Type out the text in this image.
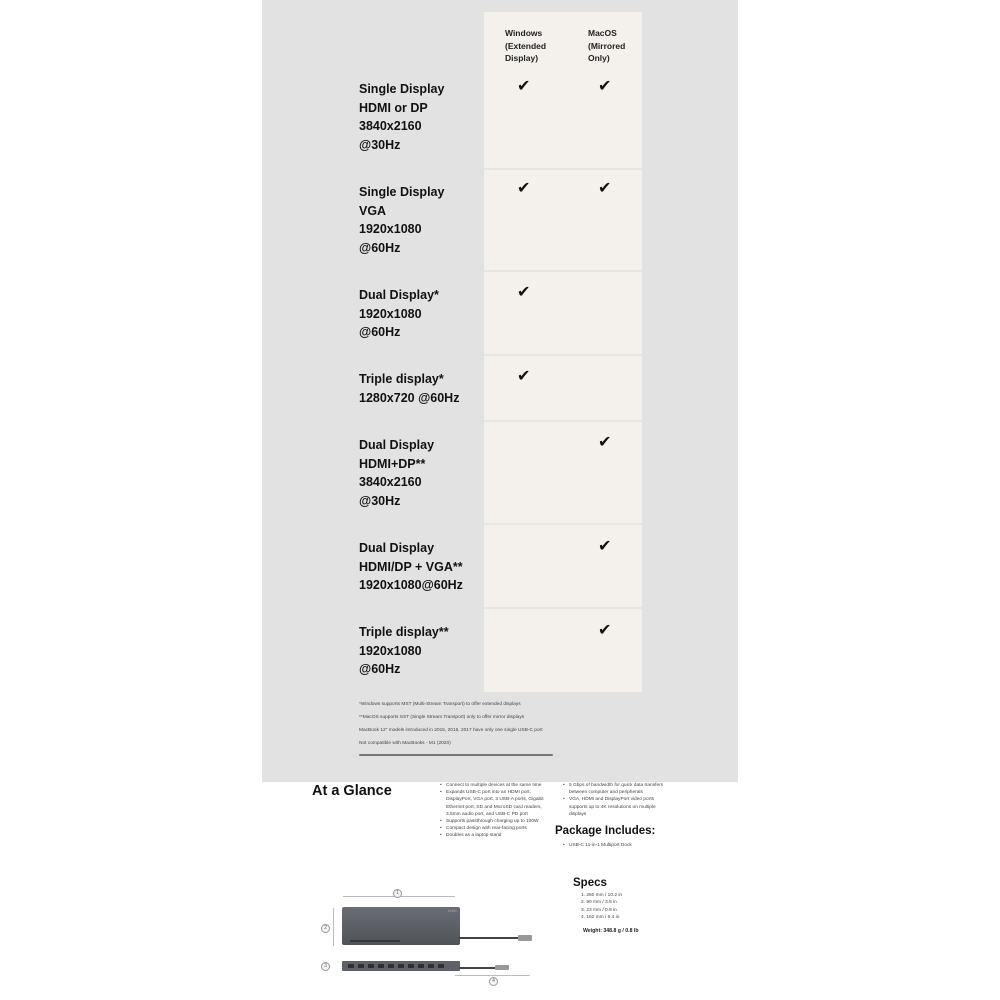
Windows
(Extended
Display)
MacOS
(Mirrored
Only)
Single Display
HDMI or DP
3840x2160
@30Hz
✔	✔
Single Display
VGA
1920x1080
@60Hz
✔	✔
Dual Display*
1920x1080
@60Hz
✔
Triple display*
1280x720 @60Hz
✔
Dual Display
HDMI+DP**
3840x2160
@30Hz
✔
Dual Display
HDMI/DP + VGA**
1920x1080@60Hz
✔
Triple display**
1920x1080
@60Hz
✔
*Windows supports MST (Multi-Stream Transport) to offer extended displays
**MacOS supports SST (Single Stream Transport) only to offer mirror displays
MacBook 12" models introduced in 2015, 2016, 2017 have only one single USB-C port
Not compatible with MacBooks - M1 (2020)
At a Glance
•	Connect to multiple devices at the same time
• Expands USB-C port into an HDMI port, DisplayPort, VGA port, 3 USB-A ports, Gigabit Ethernet port, SD and MicroSD card readers, 3.5mm audio port, and USB-C PD port
• Supports passthrough charging up to 100W
• Compact design with rear-facing ports
• Doubles as a laptop stand
• 5 Gbps of bandwidth for quick data transfers between computer and peripherals
• VGA, HDMI and DisplayPort video ports supports up to 4K resolutions on multiple displays
Package Includes:
• USB-C 11-in-1 Multiport Dock
Specs
1. 260 mm / 10.2 in
2. 90 mm / 3.5 in
3. 23 mm / 0.9 in
4. 162 mm / 6.4 in
Weight: 348.8 g / 0.8 lb
1
2
belkin
3
4
